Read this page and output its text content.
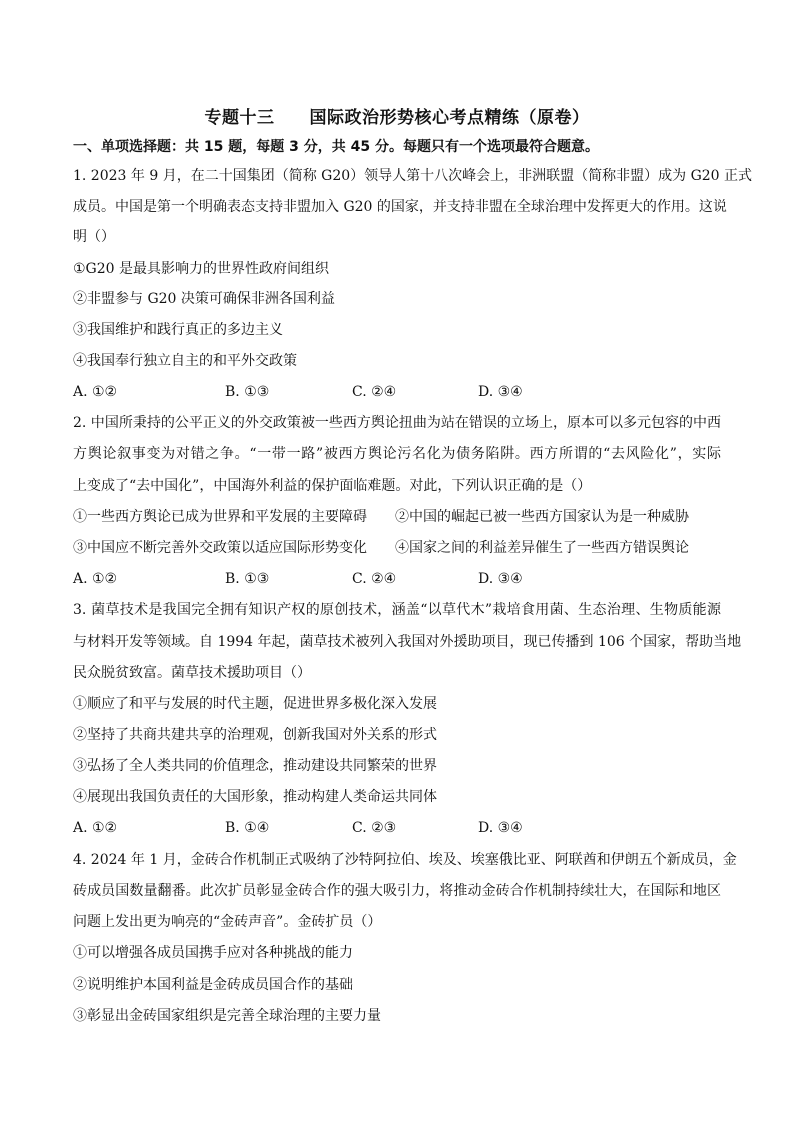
专题十三　　国际政治形势核心考点精练（原卷）
一、单项选择题：共 15 题，每题 3 分，共 45 分。每题只有一个选项最符合题意。
1. 2023 年 9 月，在二十国集团（简称 G20）领导人第十八次峰会上，非洲联盟（简称非盟）成为 G20 正式
成员。中国是第一个明确表态支持非盟加入 G20 的国家，并支持非盟在全球治理中发挥更大的作用。这说
明（）
①G20 是最具影响力的世界性政府间组织
②非盟参与 G20 决策可确保非洲各国利益
③我国维护和践行真正的多边主义
④我国奉行独立自主的和平外交政策
A. ①②	B. ①③	C. ②④	D. ③④
2. 中国所秉持的公平正义的外交政策被一些西方舆论扭曲为站在错误的立场上，原本可以多元包容的中西
方舆论叙事变为对错之争。“一带一路”被西方舆论污名化为债务陷阱。西方所谓的“去风险化”，实际
上变成了“去中国化”，中国海外利益的保护面临难题。对此，下列认识正确的是（）
①一些西方舆论已成为世界和平发展的主要障碍　　②中国的崛起已被一些西方国家认为是一种威胁
③中国应不断完善外交政策以适应国际形势变化　　④国家之间的利益差异催生了一些西方错误舆论
A. ①②	B. ①③	C. ②④	D. ③④
3. 菌草技术是我国完全拥有知识产权的原创技术，涵盖“以草代木”栽培食用菌、生态治理、生物质能源
与材料开发等领域。自 1994 年起，菌草技术被列入我国对外援助项目，现已传播到 106 个国家，帮助当地
民众脱贫致富。菌草技术援助项目（）
①顺应了和平与发展的时代主题，促进世界多极化深入发展
②坚持了共商共建共享的治理观，创新我国对外关系的形式
③弘扬了全人类共同的价值理念，推动建设共同繁荣的世界
④展现出我国负责任的大国形象，推动构建人类命运共同体
A. ①②	B. ①④	C. ②③	D. ③④
4. 2024 年 1 月，金砖合作机制正式吸纳了沙特阿拉伯、埃及、埃塞俄比亚、阿联酋和伊朗五个新成员，金
砖成员国数量翻番。此次扩员彰显金砖合作的强大吸引力，将推动金砖合作机制持续壮大，在国际和地区
问题上发出更为响亮的“金砖声音”。金砖扩员（）
①可以增强各成员国携手应对各种挑战的能力
②说明维护本国利益是金砖成员国合作的基础
③彰显出金砖国家组织是完善全球治理的主要力量
